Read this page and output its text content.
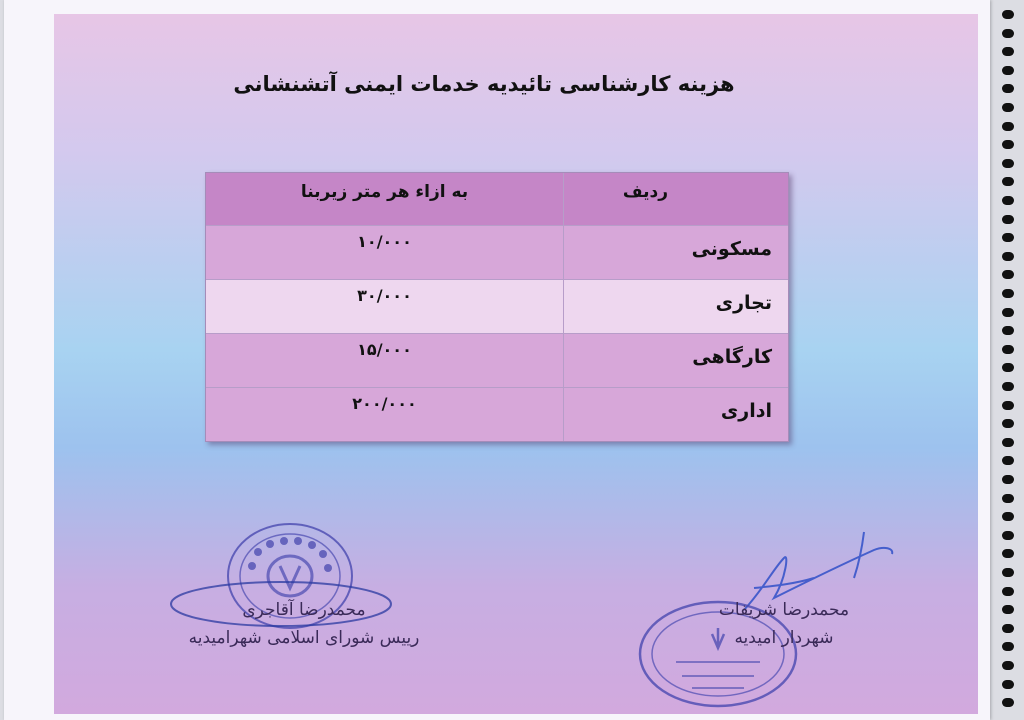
هزینه کارشناسی تائیدیه خدمات ایمنی آتشنشانی
ردیف
به ازاء هر متر زیربنا
مسکونی
۱۰/۰۰۰
تجاری
۳۰/۰۰۰
کارگاهی
۱۵/۰۰۰
اداری
۲۰۰/۰۰۰
محمدرضا آقاجری
رییس شورای اسلامی شهرامیدیه
محمدرضا شریفات
شهردار امیدیه
